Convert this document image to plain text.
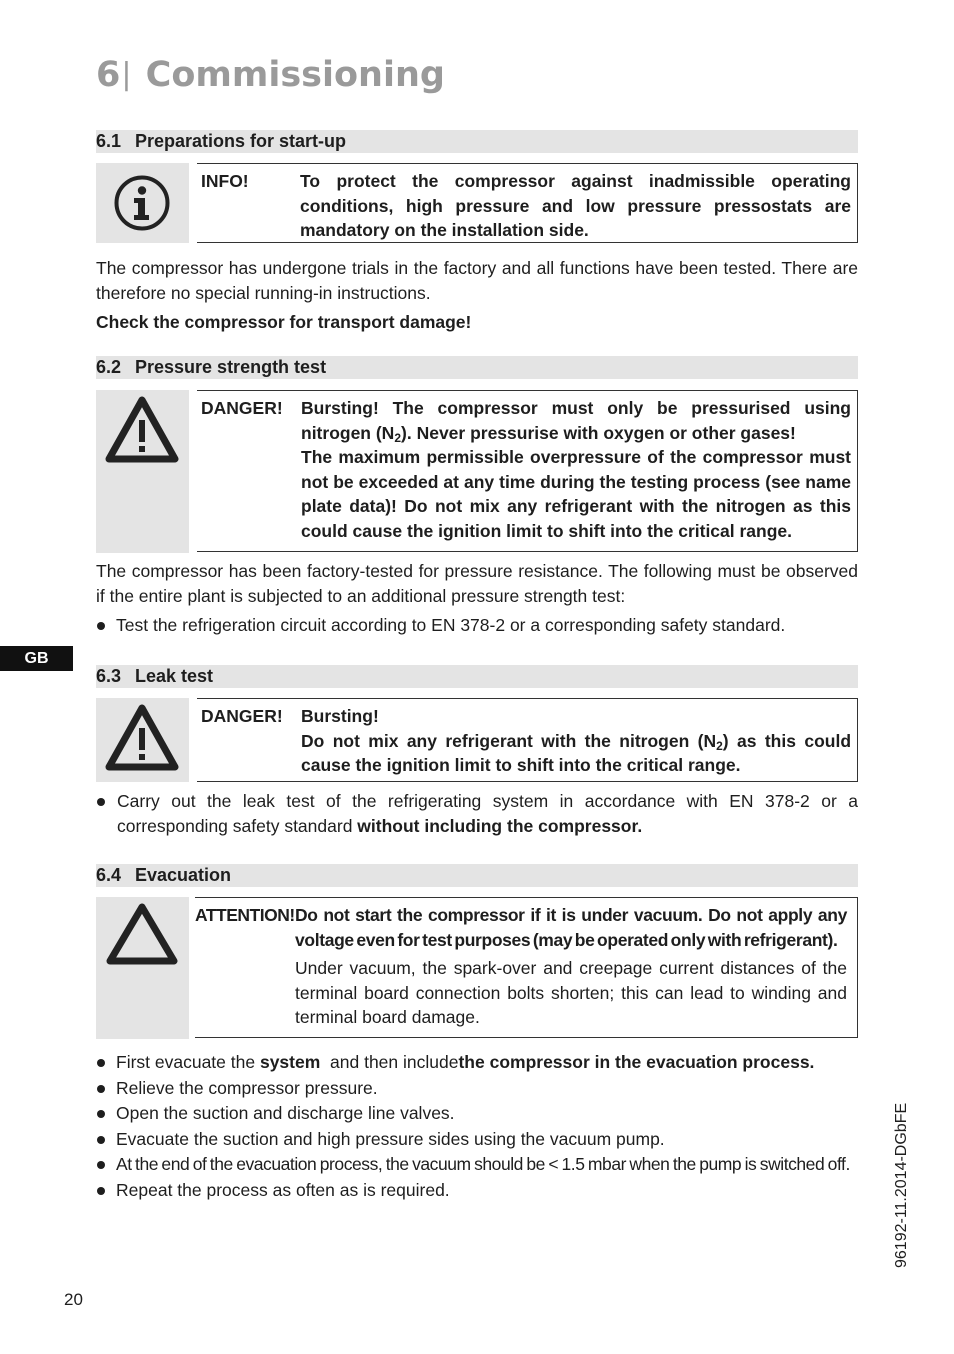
6| Commissioning
6.1 Preparations for start-up
INFO!	To protect the compressor against inadmissible operating conditions, high pressure and low pressure pressostats are mandatory on the installation side.
The compressor has undergone trials in the factory and all functions have been tested. There are therefore no special running-in instructions.
Check the compressor for transport damage!
6.2 Pressure strength test
DANGER! Bursting! The compressor must only be pressurised using nitrogen $(N_2)$. Never pressurise with oxygen or other gases!
The maximum permissible overpressure of the compressor must not be exceeded at any time during the testing process (see name plate data)! Do not mix any refrigerant with the nitrogen as this could cause the ignition limit to shift into the critical range.
The compressor has been factory-tested for pressure resistance. The following must be observed if the entire plant is subjected to an additional pressure strength test:
Test the refrigeration circuit according to EN 378-2 or a corresponding safety standard.
GB
6.3 Leak test
DANGER! Bursting!
Do not mix any refrigerant with the nitrogen $(N_2)$ as this could cause the ignition limit to shift into the critical range.
Carry out the leak test of the refrigerating system in accordance with EN 378-2 or a corresponding safety standard without including the compressor.
6.4 Evacuation
ATTENTION! Do not start the compressor if it is under vacuum. Do not apply any voltage even for test purposes (may be operated only with refrigerant).
Under vacuum, the spark-over and creepage current distances of the terminal board connection bolts shorten; this can lead to winding and terminal board damage.
First evacuate the system  and then includethe compressor in the evacuation process.
Relieve the compressor pressure.
Open the suction and discharge line valves.
Evacuate the suction and high pressure sides using the vacuum pump.
At the end of the evacuation process, the vacuum should be < 1.5 mbar when the pump is switched off.
Repeat the process as often as is required.
20
96192-11.2014-DGbFE
